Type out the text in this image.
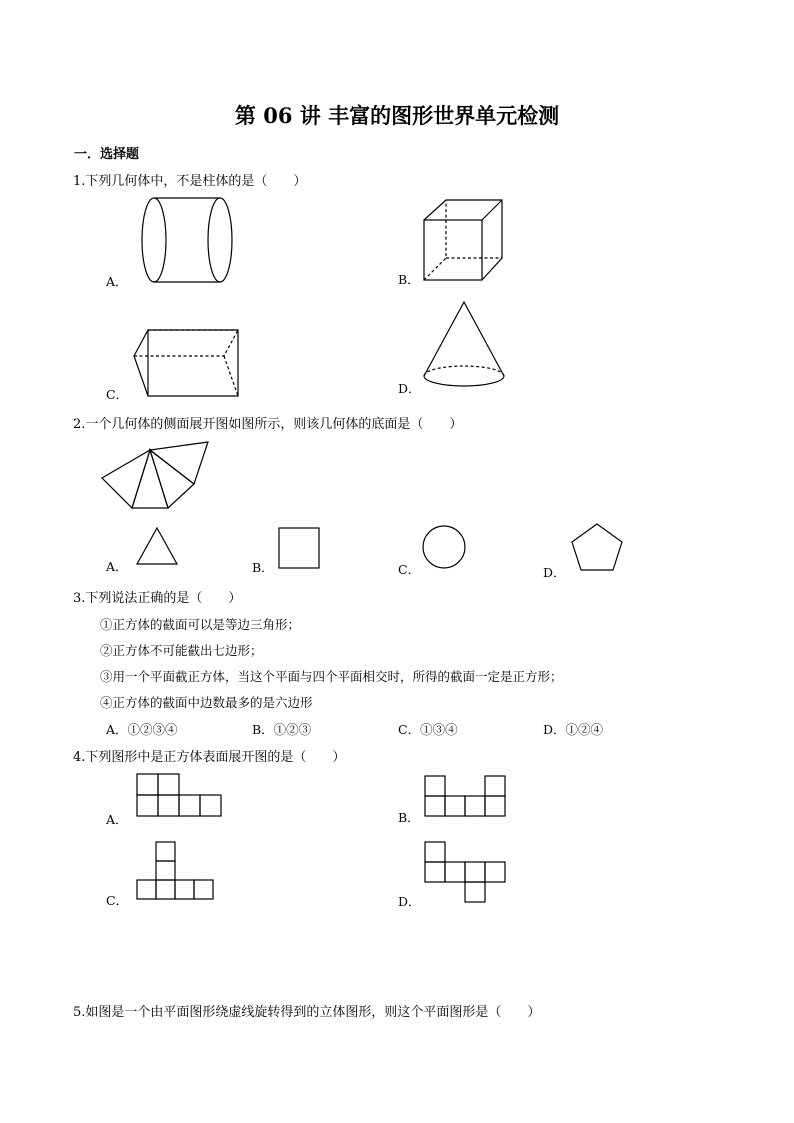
第 06 讲 丰富的图形世界单元检测
一．选择题
1.下列几何体中，不是柱体的是（　　）
A．	B．
C．	D．
2.一个几何体的侧面展开图如图所示，则该几何体的底面是（　　）
A．	B．	C．	D．
3.下列说法正确的是（　　）
①正方体的截面可以是等边三角形；
②正方体不可能截出七边形；
③用一个平面截正方体，当这个平面与四个平面相交时，所得的截面一定是正方形；
④正方体的截面中边数最多的是六边形
A．①②③④	B．①②③	C．①③④	D．①②④
4.下列图形中是正方体表面展开图的是（　　）
A．	B．
C．	D．
5.如图是一个由平面图形绕虚线旋转得到的立体图形，则这个平面图形是（　　）
